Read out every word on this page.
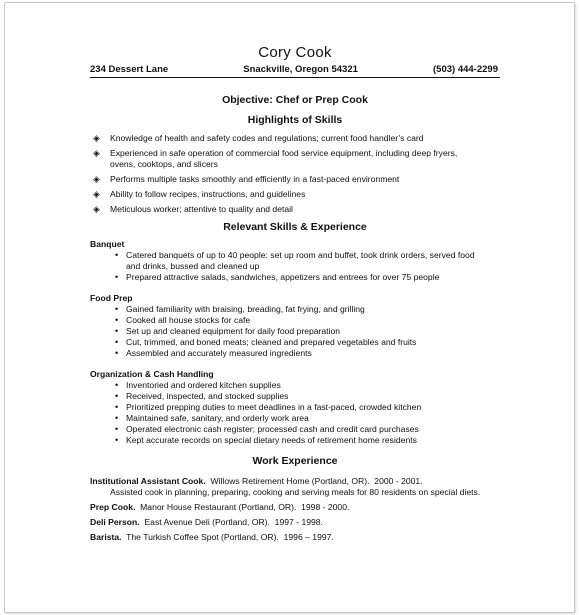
Cory Cook
234 Dessert Lane	Snackville, Oregon 54321	(503) 444-2299
Objective: Chef or Prep Cook
Highlights of Skills
◈ Knowledge of health and safety codes and regulations; current food handler’s card
◈ Experienced in safe operation of commercial food service equipment, including deep fryers, ovens, cooktops, and slicers
◈ Performs multiple tasks smoothly and efficiently in a fast-paced environment
◈ Ability to follow recipes, instructions, and guidelines
◈ Meticulous worker; attentive to quality and detail
Relevant Skills & Experience
Banquet
• Catered banquets of up to 40 people: set up room and buffet, took drink orders, served food and drinks, bussed and cleaned up
• Prepared attractive salads, sandwiches, appetizers and entrees for over 75 people
Food Prep
• Gained familiarity with braising, breading, fat frying, and grilling
• Cooked all house stocks for cafe
• Set up and cleaned equipment for daily food preparation
• Cut, trimmed, and boned meats; cleaned and prepared vegetables and fruits
• Assembled and accurately measured ingredients
Organization & Cash Handling
• Inventoried and ordered kitchen supplies
• Received, inspected, and stocked supplies
• Prioritized prepping duties to meet deadlines in a fast-paced, crowded kitchen
• Maintained safe, sanitary, and orderly work area
• Operated electronic cash register; processed cash and credit card purchases
• Kept accurate records on special dietary needs of retirement home residents
Work Experience
Institutional Assistant Cook.  Willows Retirement Home (Portland, OR).  2000 - 2001.
Assisted cook in planning, preparing, cooking and serving meals for 80 residents on special diets.
Prep Cook.  Manor House Restaurant (Portland, OR).  1998 - 2000.
Deli Person.  East Avenue Deli (Portland, OR).  1997 - 1998.
Barista.  The Turkish Coffee Spot (Portland, OR).  1996 – 1997.
